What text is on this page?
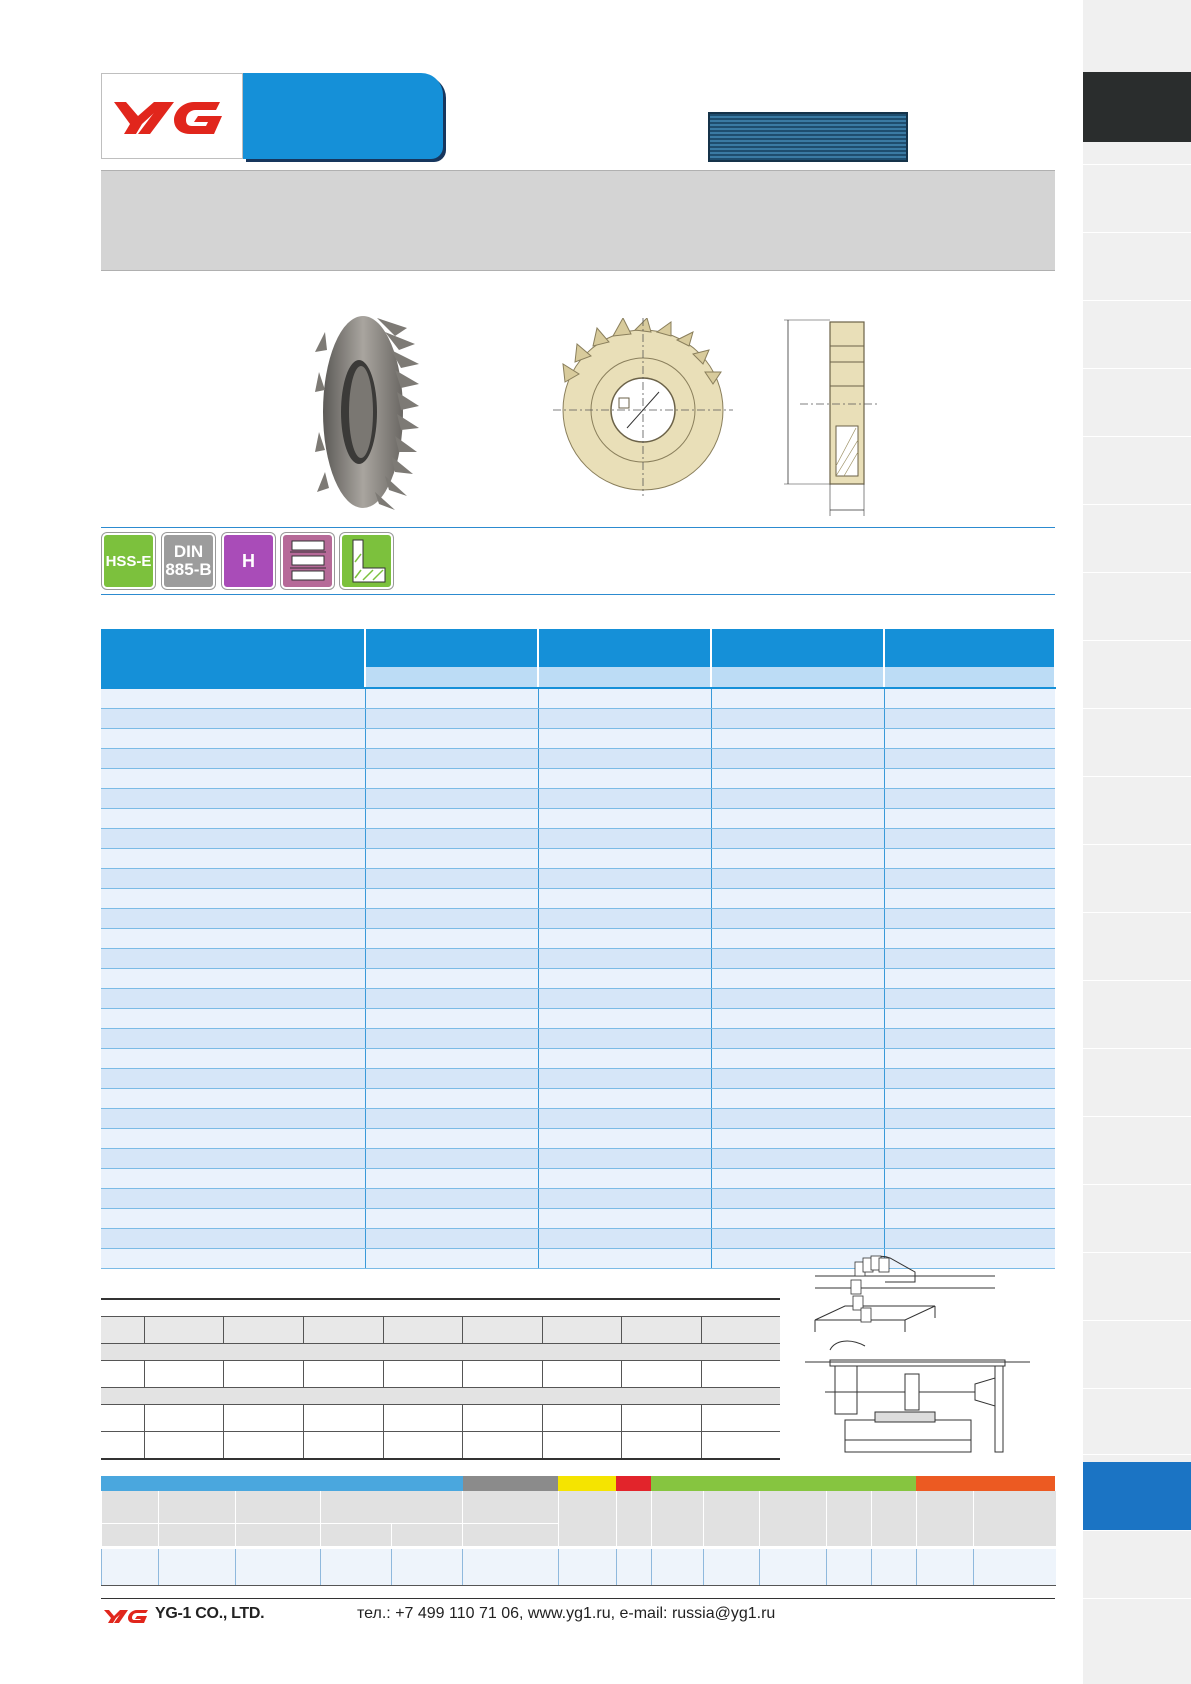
HSS-E	DIN
885-B H

YG-1 CO., LTD.	тел.: +7 499 110 71 06, www.yg1.ru, e-mail: russia@yg1.ru
